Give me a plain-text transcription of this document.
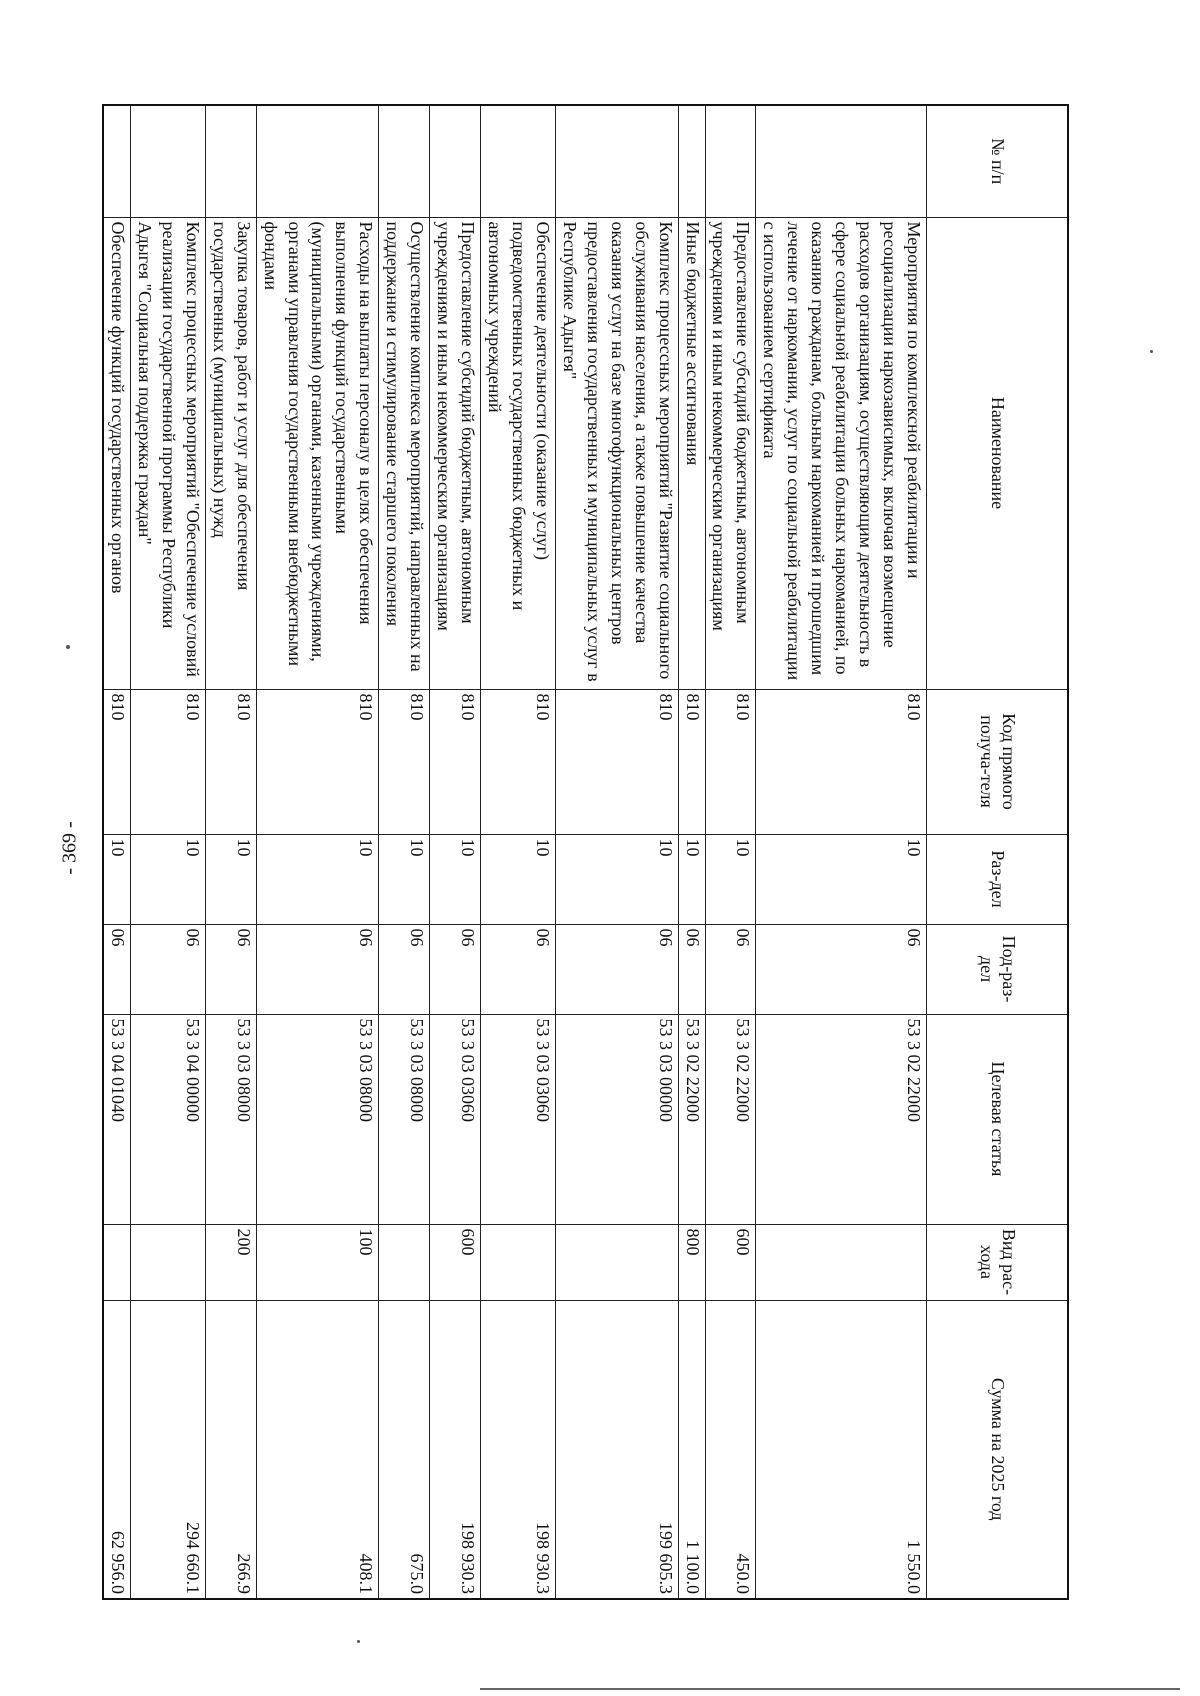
- 369 -
№ п/п	Наименование	Код прямого получа-теля	Раз-дел	Под-раз-дел	Целевая статья	Вид рас-хода	Сумма на 2025 год
	Мероприятия по комплексной реабилитации и ресоциализации наркозависимых, включая возмещение расходов организациям, осуществляющим деятельность в сфере социальной реабилитации больных наркоманией, по оказанию гражданам, больным наркоманией и прошедшим лечение от наркомании, услуг по социальной реабилитации с использованием сертификата	810	10	06	53 3 02 22000		1 550.0
	Предоставление субсидий бюджетным, автономным учреждениям и иным некоммерческим организациям	810	10	06	53 3 02 22000	600	450.0
	Иные бюджетные ассигнования	810	10	06	53 3 02 22000	800	1 100.0
	Комплекс процессных мероприятий "Развитие социального обслуживания населения, а также повышение качества оказания услуг на базе многофункциональных центров предоставления государственных и муниципальных услуг в Республике Адыгея"	810	10	06	53 3 03 00000		199 605.3
	Обеспечение деятельности (оказание услуг) подведомственных государственных бюджетных и автономных учреждений	810	10	06	53 3 03 03060		198 930.3
	Предоставление субсидий бюджетным, автономным учреждениям и иным некоммерческим организациям	810	10	06	53 3 03 03060	600	198 930.3
	Осуществление комплекса мероприятий, направленных на поддержание и стимулирование старшего поколения	810	10	06	53 3 03 08000		675.0
	Расходы на выплаты персоналу в целях обеспечения выполнения функций государственными (муниципальными) органами, казенными учреждениями, органами управления государственными внебюджетными фондами	810	10	06	53 3 03 08000	100	408.1
	Закупка товаров, работ и услуг для обеспечения государственных (муниципальных) нужд	810	10	06	53 3 03 08000	200	266.9
	Комплекс процессных мероприятий "Обеспечение условий реализации государственной программы Республики Адыгея "Социальная поддержка граждан"	810	10	06	53 3 04 00000		294 660.1
	Обеспечение функций государственных органов	810	10	06	53 3 04 01040		62 956.0
